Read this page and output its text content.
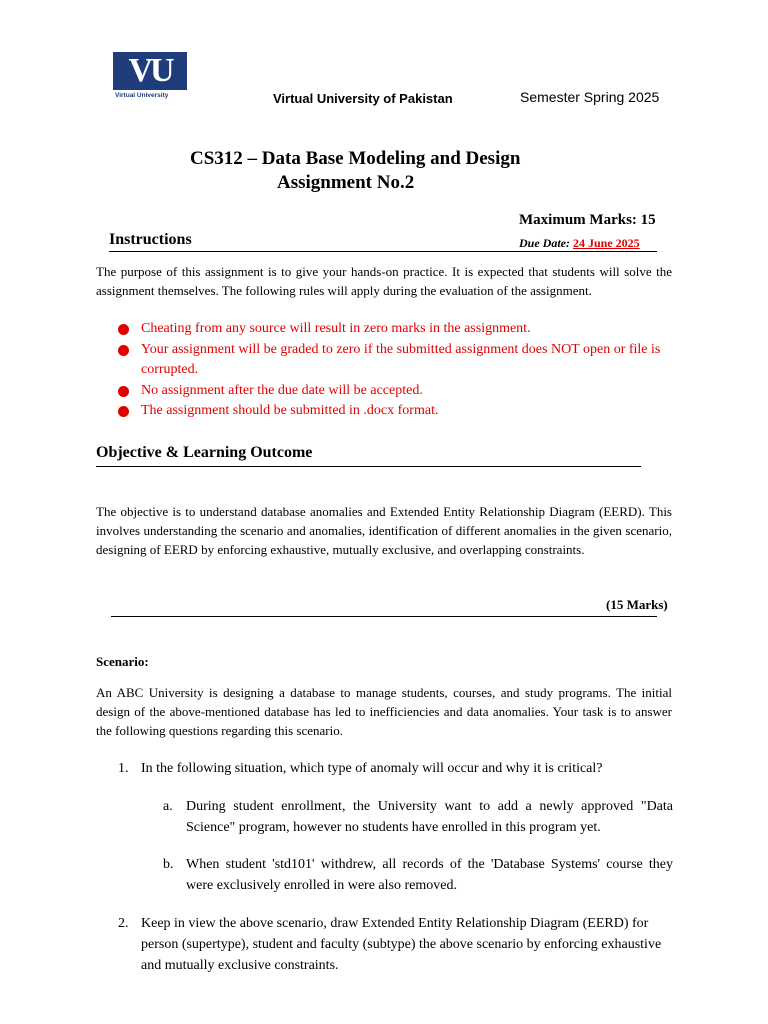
VU
Virtual University	Virtual University of Pakistan	Semester Spring 2025
CS312 – Data Base Modeling and Design
Assignment No.2
Maximum Marks: 15
Instructions	Due Date: 24 June 2025
The purpose of this assignment is to give your hands-on practice. It is expected that students will solve the assignment themselves. The following rules will apply during the evaluation of the assignment.
Cheating from any source will result in zero marks in the assignment.
Your assignment will be graded to zero if the submitted assignment does NOT open or file is corrupted.
No assignment after the due date will be accepted.
The assignment should be submitted in .docx format.
Objective & Learning Outcome
The objective is to understand database anomalies and Extended Entity Relationship Diagram (EERD). This involves understanding the scenario and anomalies, identification of different anomalies in the given scenario, designing of EERD by enforcing exhaustive, mutually exclusive, and overlapping constraints.
(15 Marks)
Scenario:
An ABC University is designing a database to manage students, courses, and study programs. The initial design of the above-mentioned database has led to inefficiencies and data anomalies. Your task is to answer the following questions regarding this scenario.
1. In the following situation, which type of anomaly will occur and why it is critical?
a. During student enrollment, the University want to add a newly approved "Data Science" program, however no students have enrolled in this program yet.
b. When student 'std101' withdrew, all records of the 'Database Systems' course they were exclusively enrolled in were also removed.
2. Keep in view the above scenario, draw Extended Entity Relationship Diagram (EERD) for person (supertype), student and faculty (subtype) the above scenario by enforcing exhaustive and mutually exclusive constraints.
